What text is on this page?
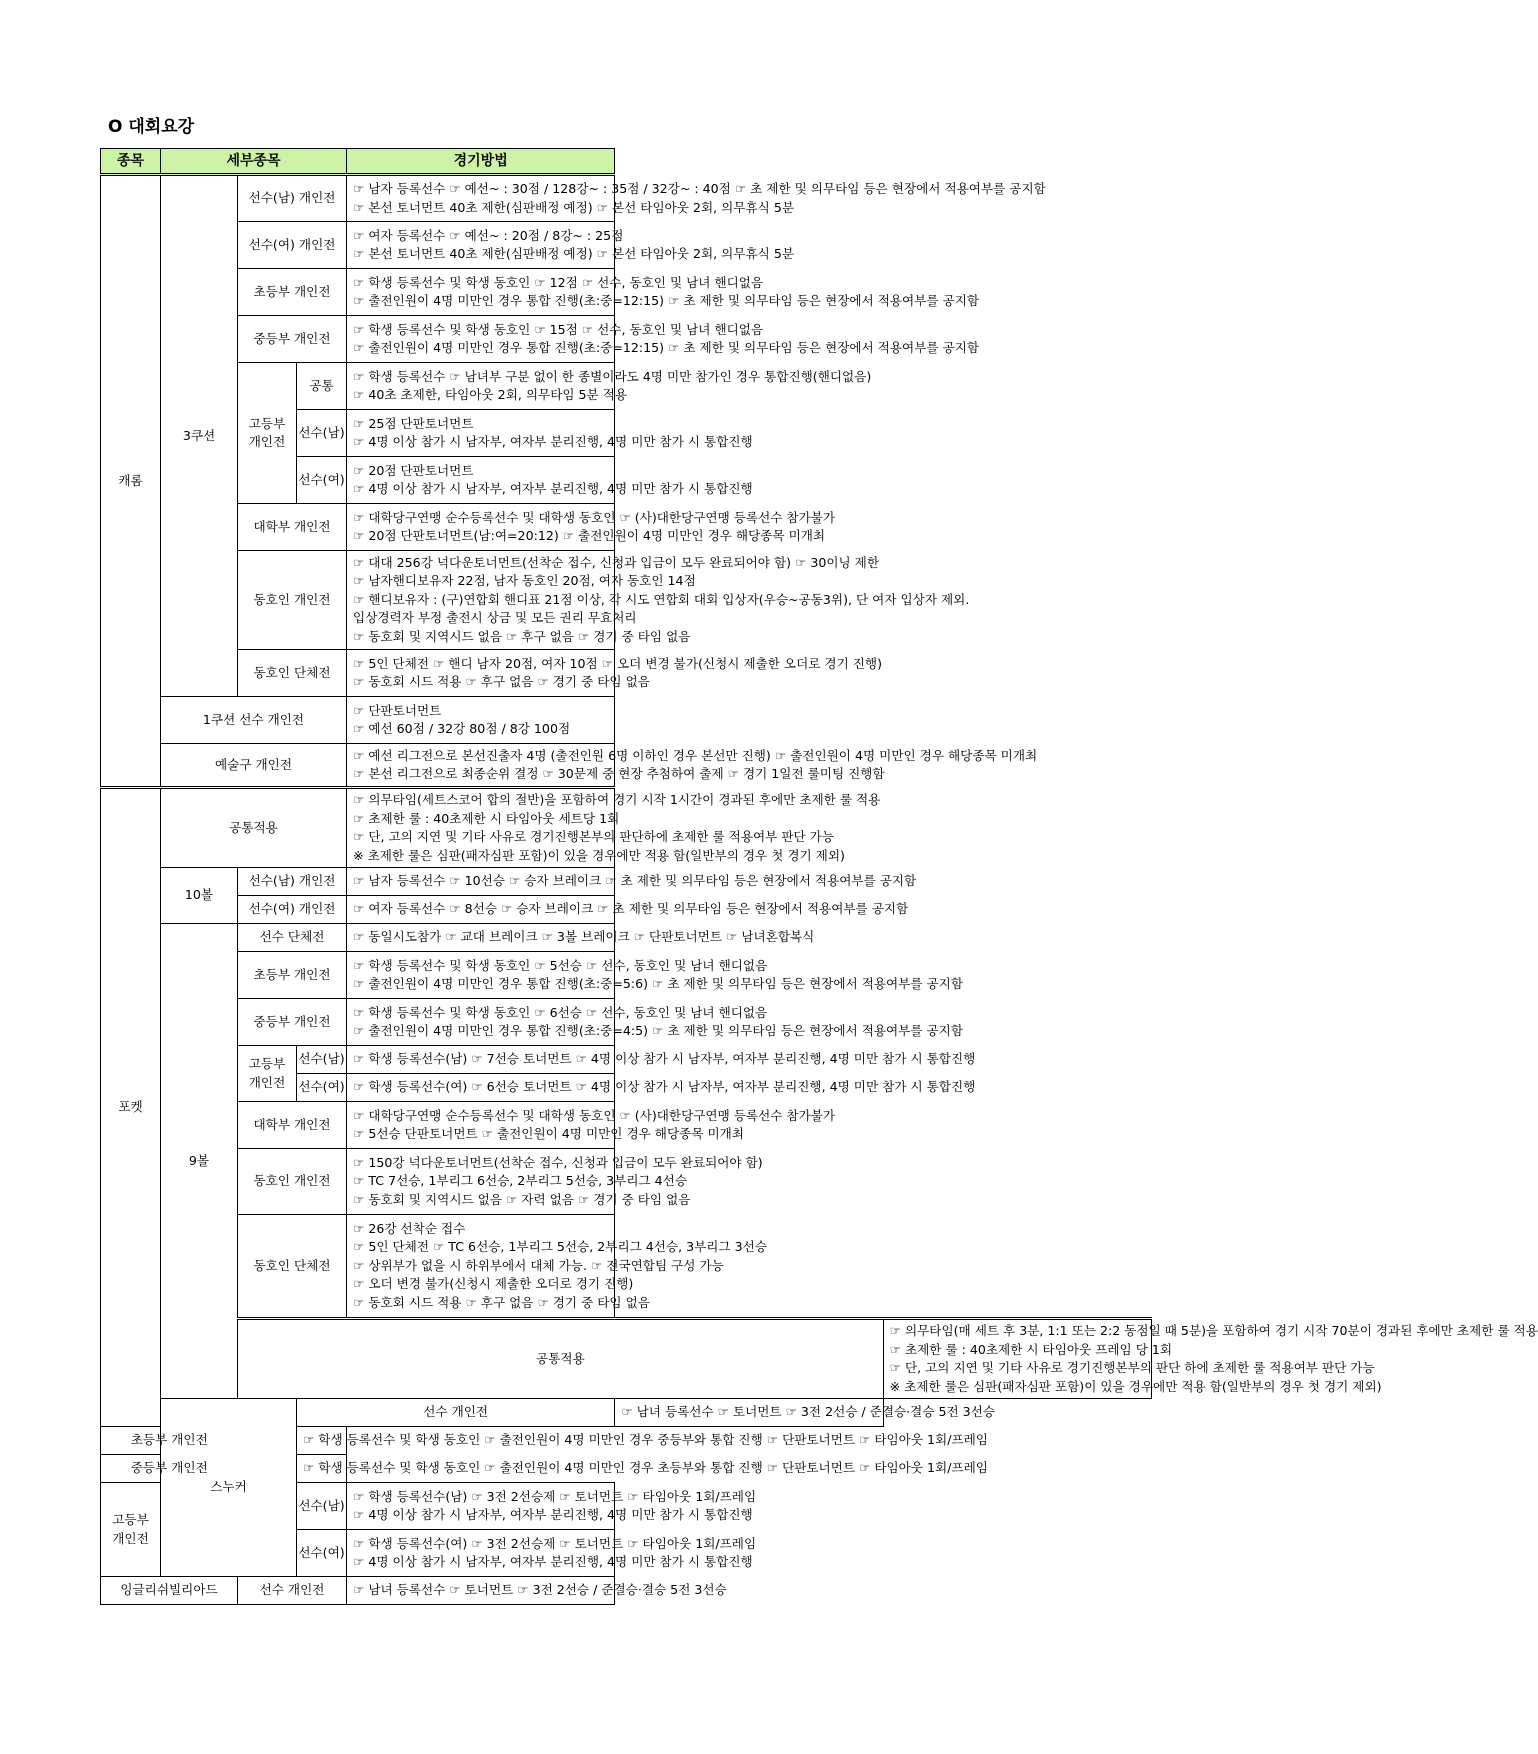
O 대회요강
종목	세부종목			경기방법		
캐롬	3쿠션	선수(남) 개인전		☞ 남자 등록선수 ☞ 예선~ : 30점 / 128강~ : 35점 / 32강~ : 40점 ☞ 초 제한 및 의무타임 등은 현장에서 적용여부를 공지함
☞ 본선 토너먼트 40초 제한(심판배정 예정) ☞ 본선 타임아웃 2회, 의무휴식 5분		

		선수(여) 개인전		☞ 여자 등록선수 ☞ 예선~ : 20점 / 8강~ : 25점
☞ 본선 토너먼트 40초 제한(심판배정 예정) ☞ 본선 타임아웃 2회, 의무휴식 5분		

		초등부 개인전		☞ 학생 등록선수 및 학생 동호인 ☞ 12점 ☞ 선수, 동호인 및 남녀 핸디없음
☞ 출전인원이 4명 미만인 경우 통합 진행(초:중=12:15) ☞ 초 제한 및 의무타임 등은 현장에서 적용여부를 공지함		

		중등부 개인전		☞ 학생 등록선수 및 학생 동호인 ☞ 15점 ☞ 선수, 동호인 및 남녀 핸디없음
☞ 출전인원이 4명 미만인 경우 통합 진행(초:중=12:15) ☞ 초 제한 및 의무타임 등은 현장에서 적용여부를 공지함		

		고등부 개인전	공통	☞ 학생 등록선수 ☞ 남녀부 구분 없이 한 종별이라도 4명 미만 참가인 경우 통합진행(핸디없음)
☞ 40초 초제한, 타임아웃 2회, 의무타임 5분 적용		

			선수(남)	☞ 25점 단판토너먼트
☞ 4명 이상 참가 시 남자부, 여자부 분리진행, 4명 미만 참가 시 통합진행		

			선수(여)	☞ 20점 단판토너먼트
☞ 4명 이상 참가 시 남자부, 여자부 분리진행, 4명 미만 참가 시 통합진행		

		대학부 개인전		☞ 대학당구연맹 순수등록선수 및 대학생 동호인 ☞ (사)대한당구연맹 등록선수 참가불가
☞ 20점 단판토너먼트(남:여=20:12) ☞ 출전인원이 4명 미만인 경우 해당종목 미개최		

		동호인 개인전		☞ 대대 256강 넉다운토너먼트(선착순 접수, 신청과 입금이 모두 완료되어야 함) ☞ 30이닝 제한
☞ 남자핸디보유자 22점, 남자 동호인 20점, 여자 동호인 14점
☞ 핸디보유자 : (구)연합회 핸디표 21점 이상, 각 시도 연합회 대회 입상자(우승~공동3위), 단 여자 입상자 제외.
입상경력자 부정 출전시 상금 및 모든 권리 무효처리
☞ 동호회 및 지역시드 없음 ☞ 후구 없음 ☞ 경기 중 타임 없음		

		동호인 단체전		☞ 5인 단체전 ☞ 핸디 남자 20점, 여자 10점 ☞ 오더 변경 불가(신청시 제출한 오더로 경기 진행)
☞ 동호회 시드 적용 ☞ 후구 없음 ☞ 경기 중 타임 없음		

	1쿠션 선수 개인전			☞ 단판토너먼트
☞ 예선 60점 / 32강 80점 / 8강 100점		

	예술구 개인전			☞ 예선 리그전으로 본선진출자 4명 (출전인원 6명 이하인 경우 본선만 진행) ☞ 출전인원이 4명 미만인 경우 해당종목 미개최
☞ 본선 리그전으로 최종순위 결정 ☞ 30문제 중 현장 추첨하여 출제 ☞ 경기 1일전 룰미팅 진행함		

포켓	공통적용			☞ 의무타임(세트스코어 합의 절반)을 포함하여 경기 시작 1시간이 경과된 후에만 초제한 룰 적용
☞ 초제한 룰 : 40초제한 시 타임아웃 세트당 1회
☞ 단, 고의 지연 및 기타 사유로 경기진행본부의 판단하에 초제한 룰 적용여부 판단 가능
※ 초제한 룰은 심판(패자심판 포함)이 있을 경우에만 적용 함(일반부의 경우 첫 경기 제외)		

	10볼	선수(남) 개인전		☞ 남자 등록선수 ☞ 10선승 ☞ 승자 브레이크 ☞ 초 제한 및 의무타임 등은 현장에서 적용여부를 공지함		

		선수(여) 개인전		☞ 여자 등록선수 ☞ 8선승 ☞ 승자 브레이크 ☞ 초 제한 및 의무타임 등은 현장에서 적용여부를 공지함		

	9볼	선수 단체전		☞ 동일시도참가 ☞ 교대 브레이크 ☞ 3볼 브레이크 ☞ 단판토너먼트 ☞ 남녀혼합복식		

		초등부 개인전		☞ 학생 등록선수 및 학생 동호인 ☞ 5선승 ☞ 선수, 동호인 및 남녀 핸디없음
☞ 출전인원이 4명 미만인 경우 통합 진행(초:중=5:6) ☞ 초 제한 및 의무타임 등은 현장에서 적용여부를 공지함		

		중등부 개인전		☞ 학생 등록선수 및 학생 동호인 ☞ 6선승 ☞ 선수, 동호인 및 남녀 핸디없음
☞ 출전인원이 4명 미만인 경우 통합 진행(초:중=4:5) ☞ 초 제한 및 의무타임 등은 현장에서 적용여부를 공지함		

		고등부 개인전	선수(남)	☞ 학생 등록선수(남) ☞ 7선승 토너먼트 ☞ 4명 이상 참가 시 남자부, 여자부 분리진행, 4명 미만 참가 시 통합진행		

			선수(여)	☞ 학생 등록선수(여) ☞ 6선승 토너먼트 ☞ 4명 이상 참가 시 남자부, 여자부 분리진행, 4명 미만 참가 시 통합진행		

		대학부 개인전		☞ 대학당구연맹 순수등록선수 및 대학생 동호인 ☞ (사)대한당구연맹 등록선수 참가불가
☞ 5선승 단판토너먼트 ☞ 출전인원이 4명 미만인 경우 해당종목 미개최		

		동호인 개인전		☞ 150강 넉다운토너먼트(선착순 접수, 신청과 입금이 모두 완료되어야 함)
☞ TC 7선승, 1부리그 6선승, 2부리그 5선승, 3부리그 4선승
☞ 동호회 및 지역시드 없음 ☞ 자력 없음 ☞ 경기 중 타임 없음		

		동호인 단체전		☞ 26강 선착순 접수
☞ 5인 단체전 ☞ TC 6선승, 1부리그 5선승, 2부리그 4선승, 3부리그 3선승
☞ 상위부가 없을 시 하위부에서 대체 가능. ☞ 전국연합팀 구성 가능
☞ 오더 변경 불가(신청시 제출한 오더로 경기 진행)
☞ 동호회 시드 적용 ☞ 후구 없음 ☞ 경기 중 타임 없음		

		공통적용				☞ 의무타임(매 세트 후 3분, 1:1 또는 2:2 동점일 때 5분)을 포함하여 경기 시작 70분이 경과된 후에만 초제한 룰 적용
☞ 초제한 룰 : 40초제한 시 타임아웃 프레임 당 1회
☞ 단, 고의 지연 및 기타 사유로 경기진행본부의 판단 하에 초제한 룰 적용여부 판단 가능
※ 초제한 룰은 심판(패자심판 포함)이 있을 경우에만 적용 함(일반부의 경우 첫 경기 제외)

	스누커		선수 개인전		☞ 남녀 등록선수 ☞ 토너먼트 ☞ 3전 2선승 / 준결승·결승 5전 3선승	

초등부 개인전			☞ 학생 등록선수 및 학생 동호인 ☞ 출전인원이 4명 미만인 경우 중등부와 통합 진행 ☞ 단판토너먼트 ☞ 타임아웃 1회/프레임			

중등부 개인전			☞ 학생 등록선수 및 학생 동호인 ☞ 출전인원이 4명 미만인 경우 초등부와 통합 진행 ☞ 단판토너먼트 ☞ 타임아웃 1회/프레임			

고등부 개인전			선수(남)	☞ 학생 등록선수(남) ☞ 3전 2선승제 ☞ 토너먼트 ☞ 타임아웃 1회/프레임
☞ 4명 이상 참가 시 남자부, 여자부 분리진행, 4명 미만 참가 시 통합진행		

			선수(여)	☞ 학생 등록선수(여) ☞ 3전 2선승제 ☞ 토너먼트 ☞ 타임아웃 1회/프레임
☞ 4명 이상 참가 시 남자부, 여자부 분리진행, 4명 미만 참가 시 통합진행		

잉글리쉬빌리아드		선수 개인전		☞ 남녀 등록선수 ☞ 토너먼트 ☞ 3전 2선승 / 준결승·결승 5전 3선승		
